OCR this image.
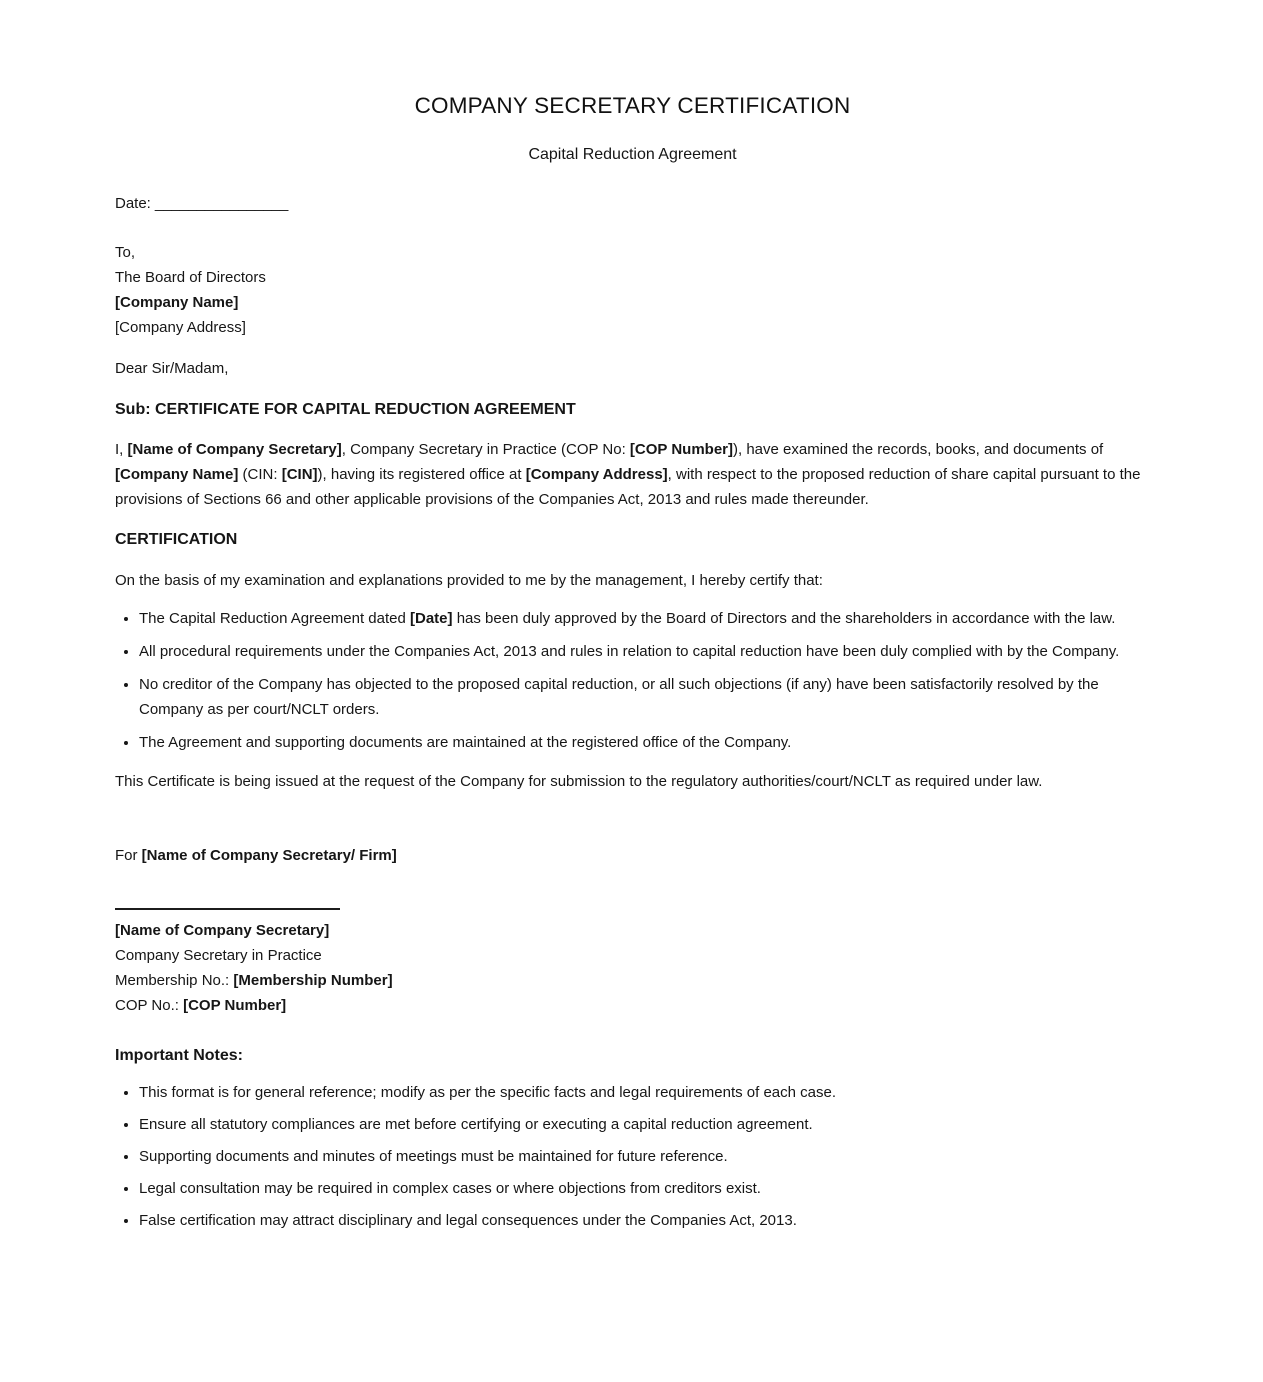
COMPANY SECRETARY CERTIFICATION
Capital Reduction Agreement
Date: ________________
To,
The Board of Directors
[Company Name]
[Company Address]
Dear Sir/Madam,
Sub: CERTIFICATE FOR CAPITAL REDUCTION AGREEMENT
I, [Name of Company Secretary], Company Secretary in Practice (COP No: [COP Number]), have examined the records, books, and documents of [Company Name] (CIN: [CIN]), having its registered office at [Company Address], with respect to the proposed reduction of share capital pursuant to the provisions of Sections 66 and other applicable provisions of the Companies Act, 2013 and rules made thereunder.
CERTIFICATION
On the basis of my examination and explanations provided to me by the management, I hereby certify that:
• The Capital Reduction Agreement dated [Date] has been duly approved by the Board of Directors and the shareholders in accordance with the law.
• All procedural requirements under the Companies Act, 2013 and rules in relation to capital reduction have been duly complied with by the Company.
• No creditor of the Company has objected to the proposed capital reduction, or all such objections (if any) have been satisfactorily resolved by the Company as per court/NCLT orders.
• The Agreement and supporting documents are maintained at the registered office of the Company.
This Certificate is being issued at the request of the Company for submission to the regulatory authorities/court/NCLT as required under law.
For [Name of Company Secretary/ Firm]
[Name of Company Secretary]
Company Secretary in Practice
Membership No.: [Membership Number]
COP No.: [COP Number]
Important Notes:
• This format is for general reference; modify as per the specific facts and legal requirements of each case.
• Ensure all statutory compliances are met before certifying or executing a capital reduction agreement.
• Supporting documents and minutes of meetings must be maintained for future reference.
• Legal consultation may be required in complex cases or where objections from creditors exist.
• False certification may attract disciplinary and legal consequences under the Companies Act, 2013.
